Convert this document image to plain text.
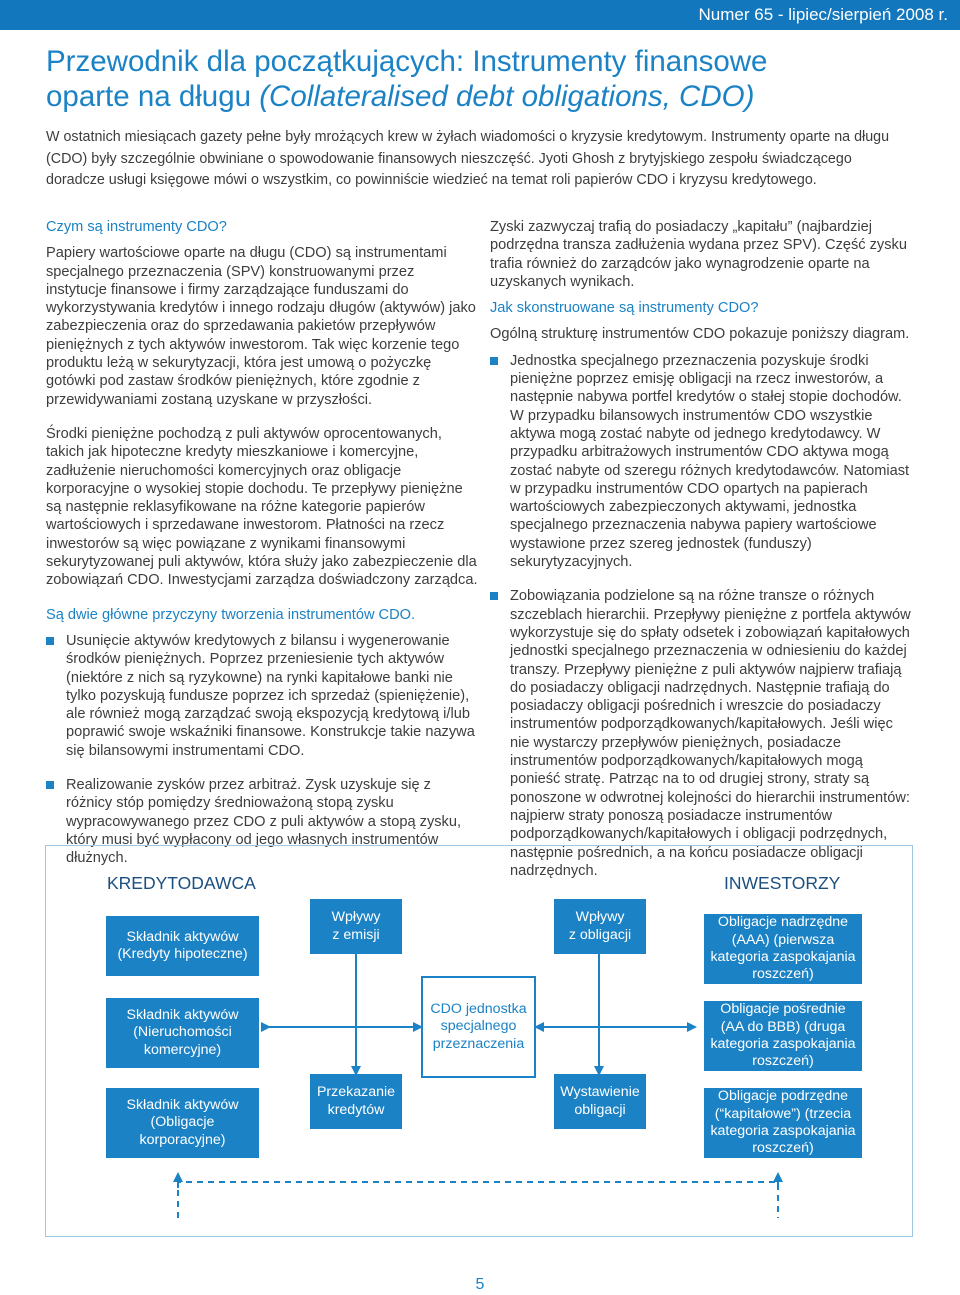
Numer 65 - lipiec/sierpień 2008 r.
Przewodnik dla początkujących: Instrumenty finansowe
oparte na długu (Collateralised debt obligations, CDO)

W ostatnich miesiącach gazety pełne były mrożących krew w żyłach wiadomości o kryzysie kredytowym. Instrumenty oparte na długu (CDO) były szczególnie obwiniane o spowodowanie finansowych nieszczęść. Jyoti Ghosh z brytyjskiego zespołu świadczącego doradcze usługi księgowe mówi o wszystkim, co powinniście wiedzieć na temat roli papierów CDO i kryzysu kredytowego.

Czym są instrumenty CDO?

Papiery wartościowe oparte na długu (CDO) są instrumentami specjalnego przeznaczenia (SPV) konstruowanymi przez instytucje finansowe i firmy zarządzające funduszami do wykorzystywania kredytów i innego rodzaju długów (aktywów) jako zabezpieczenia oraz do sprzedawania pakietów przepływów pieniężnych z tych aktywów inwestorom. Tak więc korzenie tego produktu leżą w sekurytyzacji, która jest umową o pożyczkę gotówki pod zastaw środków pieniężnych, które zgodnie z przewidywaniami zostaną uzyskane w przyszłości.

Środki pieniężne pochodzą z puli aktywów oprocentowanych, takich jak hipoteczne kredyty mieszkaniowe i komercyjne, zadłużenie nieruchomości komercyjnych oraz obligacje korporacyjne o wysokiej stopie dochodu. Te przepływy pieniężne są następnie reklasyfikowane na różne kategorie papierów wartościowych i sprzedawane inwestorom. Płatności na rzecz inwestorów są więc powiązane z wynikami finansowymi sekurytyzowanej puli aktywów, która służy jako zabezpieczenie dla zobowiązań CDO. Inwestycjami zarządza doświadczony zarządca.

Są dwie główne przyczyny tworzenia instrumentów CDO.

Usunięcie aktywów kredytowych z bilansu i wygenerowanie środków pieniężnych. Poprzez przeniesienie tych aktywów (niektóre z nich są ryzykowne) na rynki kapitałowe banki nie tylko pozyskują fundusze poprzez ich sprzedaż (spieniężenie), ale również mogą zarządzać swoją ekspozycją kredytową i/lub poprawić swoje wskaźniki finansowe. Konstrukcje takie nazywa się bilansowymi instrumentami CDO.
Realizowanie zysków przez arbitraż. Zysk uzyskuje się z różnicy stóp pomiędzy średnioważoną stopą zysku wypracowywanego przez CDO z puli aktywów a stopą zysku, który musi być wypłacony od jego własnych instrumentów dłużnych.

Zyski zazwyczaj trafią do posiadaczy „kapitału” (najbardziej podrzędna transza zadłużenia wydana przez SPV). Część zysku trafia również do zarządców jako wynagrodzenie oparte na uzyskanych wynikach.

Jak skonstruowane są instrumenty CDO?

Ogólną strukturę instrumentów CDO pokazuje poniższy diagram.

Jednostka specjalnego przeznaczenia pozyskuje środki pieniężne poprzez emisję obligacji na rzecz inwestorów, a następnie nabywa portfel kredytów o stałej stopie dochodów. W przypadku bilansowych instrumentów CDO wszystkie aktywa mogą zostać nabyte od jednego kredytodawcy. W przypadku arbitrażowych instrumentów CDO aktywa mogą zostać nabyte od szeregu różnych kredytodawców. Natomiast w przypadku instrumentów CDO opartych na papierach wartościowych zabezpieczonych aktywami, jednostka specjalnego przeznaczenia nabywa papiery wartościowe wystawione przez szereg jednostek (funduszy) sekurytyzacyjnych.
Zobowiązania podzielone są na różne transze o różnych szczeblach hierarchii. Przepływy pieniężne z portfela aktywów wykorzystuje się do spłaty odsetek i zobowiązań kapitałowych jednostki specjalnego przeznaczenia w odniesieniu do każdej transzy. Przepływy pieniężne z puli aktywów najpierw trafiają do posiadaczy obligacji nadrzędnych. Następnie trafiają do posiadaczy obligacji pośrednich i wreszcie do posiadaczy instrumentów podporządkowanych/kapitałowych. Jeśli więc nie wystarczy przepływów pieniężnych, posiadacze instrumentów podporządkowanych/kapitałowych mogą ponieść stratę. Patrząc na to od drugiej strony, straty są ponoszone w odwrotnej kolejności do hierarchii instrumentów: najpierw straty ponoszą posiadacze instrumentów podporządkowanych/kapitałowych i obligacji podrzędnych, następnie pośrednich, a na końcu posiadacze obligacji nadrzędnych.
KREDYTODAWCA	INWESTORZY
Składnik aktywów
(Kredyty hipoteczne)
Składnik aktywów
(Nieruchomości
komercyjne)
Składnik aktywów
(Obligacje
korporacyjne)
Wpływy
z emisji
Przekazanie
kredytów
CDO jednostka
specjalnego
przeznaczenia
Wpływy
z obligacji
Wystawienie
obligacji
Obligacje nadrzędne
(AAA) (pierwsza
kategoria zaspokajania
roszczeń)
Obligacje pośrednie
(AA do BBB) (druga
kategoria zaspokajania
roszczeń)
Obligacje podrzędne
(“kapitałowe”) (trzecia
kategoria zaspokajania
roszczeń)
5
